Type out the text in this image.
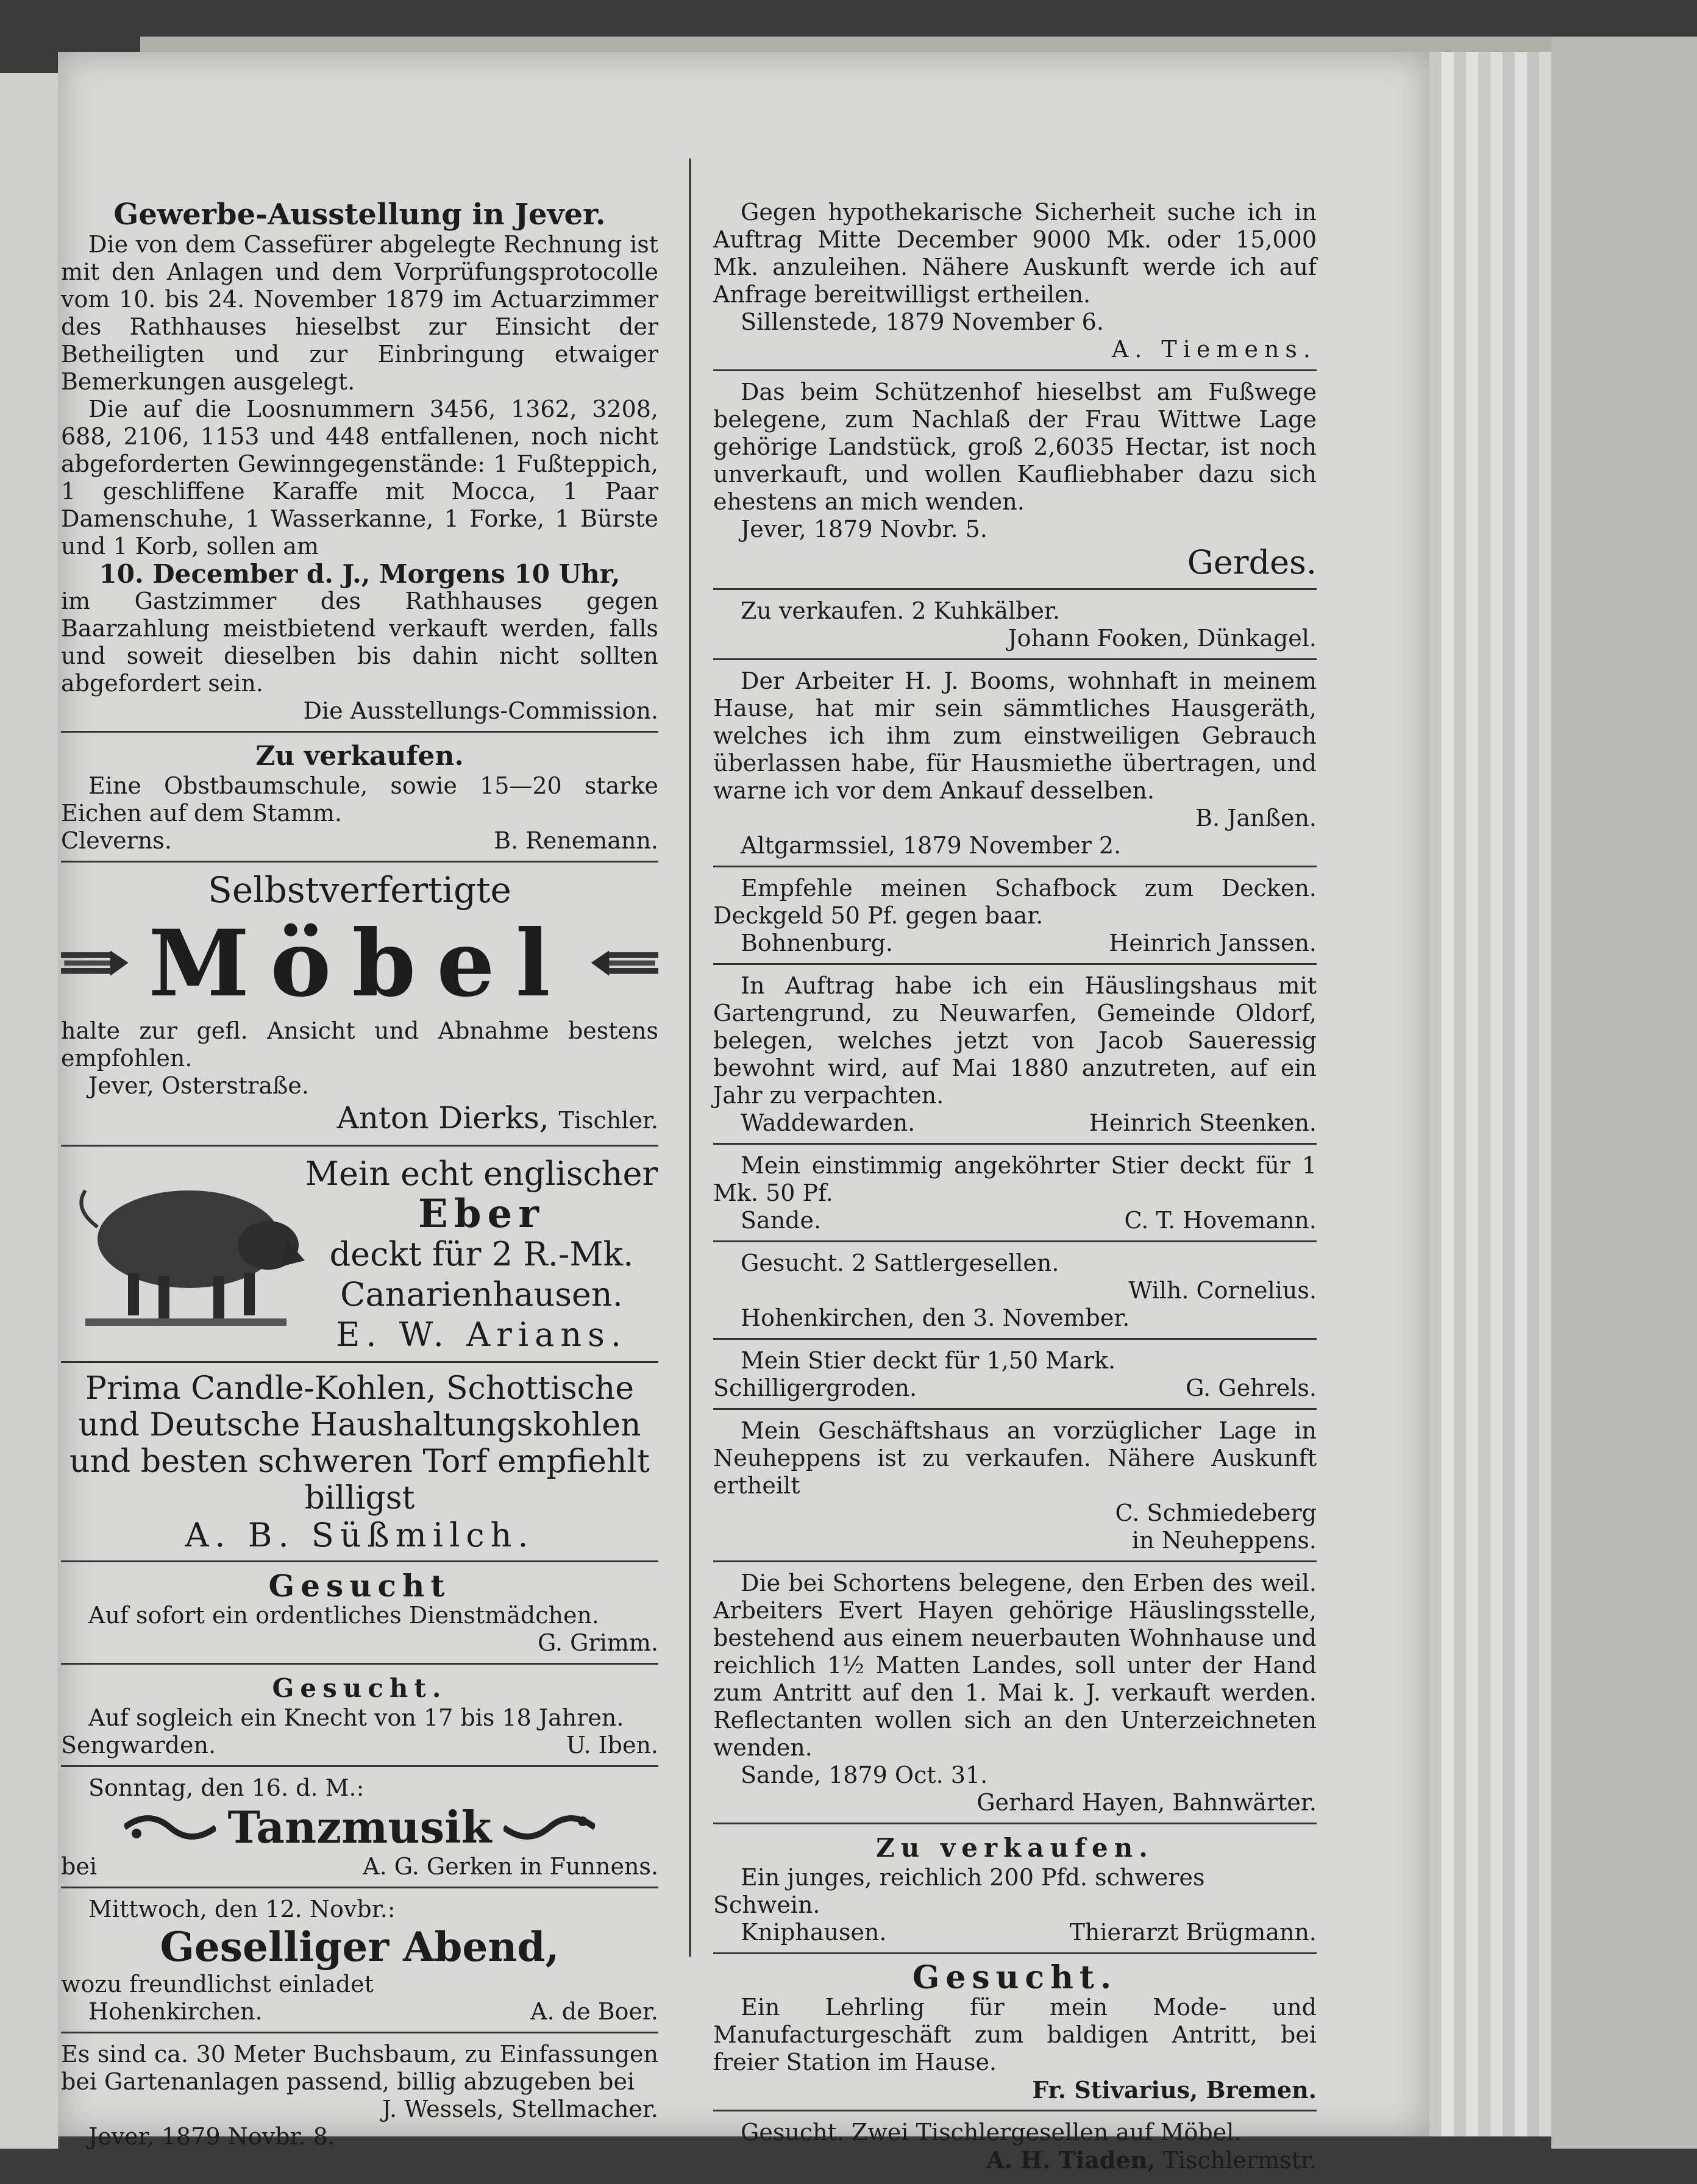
Gewerbe-Ausstellung in Jever.

Die von dem Cassefürer abgelegte Rechnung ist mit den Anlagen und dem Vorprüfungsprotocolle vom 10. bis 24. November 1879 im Actuarzimmer des Rathhauses hieselbst zur Einsicht der Betheiligten und zur Einbringung etwaiger Bemerkungen ausgelegt.

Die auf die Loosnummern 3456, 1362, 3208, 688, 2106, 1153 und 448 entfallenen, noch nicht abgeforderten Gewinngegenstände: 1 Fußteppich, 1 geschliffene Karaffe mit Mocca, 1 Paar Damenschuhe, 1 Wasserkanne, 1 Forke, 1 Bürste und 1 Korb, sollen am

10. December d. J., Morgens 10 Uhr,

im Gastzimmer des Rathhauses gegen Baarzahlung meistbietend verkauft werden, falls und soweit dieselben bis dahin nicht sollten abgefordert sein.

Die Ausstellungs-Commission.
Zu verkaufen.

Eine Obstbaumschule, sowie 15—20 starke Eichen auf dem Stamm.

Cleverns.	B. Renemann.
Selbstverfertigte
Möbel

halte zur gefl. Ansicht und Abnahme bestens empfohlen.

Jever, Osterstraße.
Anton Dierks, Tischler.
Mein echt englischer
Eber
deckt für 2 R.-Mk.
Canarienhausen.
E. W. Arians.

Prima Candle-Kohlen, Schottische und Deutsche Haushaltungskohlen und besten schweren Torf empfiehlt billigst

A. B. Süßmilch.
Gesucht

Auf sofort ein ordentliches Dienstmädchen.

G. Grimm.
Gesucht.

Auf sogleich ein Knecht von 17 bis 18 Jahren.

Sengwarden.	U. Iben.
Sonntag, den 16. d. M.:
Tanzmusik
bei	A. G. Gerken in Funnens.
Mittwoch, den 12. Novbr.:
Geselliger Abend,
wozu freundlichst einladet
Hohenkirchen.	A. de Boer.

Es sind ca. 30 Meter Buchsbaum, zu Einfassungen bei Gartenanlagen passend, billig abzugeben bei

J. Wessels, Stellmacher.
Jever, 1879 Novbr. 8.

Gegen hypothekarische Sicherheit suche ich in Auftrag Mitte December 9000 Mk. oder 15,000 Mk. anzuleihen. Nähere Auskunft werde ich auf Anfrage bereitwilligst ertheilen.

Sillenstede, 1879 November 6.
A. Tiemens.

Das beim Schützenhof hieselbst am Fußwege belegene, zum Nachlaß der Frau Wittwe Lage gehörige Landstück, groß 2,6035 Hectar, ist noch unverkauft, und wollen Kaufliebhaber dazu sich ehestens an mich wenden.

Jever, 1879 Novbr. 5.
Gerdes.
Zu verkaufen. 2 Kuhkälber.
Johann Fooken, Dünkagel.

Der Arbeiter H. J. Booms, wohnhaft in meinem Hause, hat mir sein sämmtliches Hausgeräth, welches ich ihm zum einstweiligen Gebrauch überlassen habe, für Hausmiethe übertragen, und warne ich vor dem Ankauf desselben.

B. Janßen.
Altgarmssiel, 1879 November 2.

Empfehle meinen Schafbock zum Decken. Deckgeld 50 Pf. gegen baar.

Bohnenburg.	Heinrich Janssen.

In Auftrag habe ich ein Häuslingshaus mit Gartengrund, zu Neuwarfen, Gemeinde Oldorf, belegen, welches jetzt von Jacob Saueressig bewohnt wird, auf Mai 1880 anzutreten, auf ein Jahr zu verpachten.

Waddewarden.	Heinrich Steenken.

Mein einstimmig angeköhrter Stier deckt für 1 Mk. 50 Pf.

Sande.	C. T. Hovemann.
Gesucht. 2 Sattlergesellen.
Wilh. Cornelius.
Hohenkirchen, den 3. November.
Mein Stier deckt für 1,50 Mark.
Schilligergroden.	G. Gehrels.

Mein Geschäftshaus an vorzüglicher Lage in Neuheppens ist zu verkaufen. Nähere Auskunft ertheilt

C. Schmiedeberg
in Neuheppens.

Die bei Schortens belegene, den Erben des weil. Arbeiters Evert Hayen gehörige Häuslingsstelle, bestehend aus einem neuerbauten Wohnhause und reichlich 1½ Matten Landes, soll unter der Hand zum Antritt auf den 1. Mai k. J. verkauft werden. Reflectanten wollen sich an den Unterzeichneten wenden.

Sande, 1879 Oct. 31.
Gerhard Hayen, Bahnwärter.
Zu verkaufen.
Ein junges, reichlich 200 Pfd. schweres Schwein.
Kniphausen.	Thierarzt Brügmann.
Gesucht.

Ein Lehrling für mein Mode- und Manufacturgeschäft zum baldigen Antritt, bei freier Station im Hause.

Fr. Stivarius, Bremen.
Gesucht. Zwei Tischlergesellen auf Möbel.
A. H. Tiaden, Tischlermstr.
